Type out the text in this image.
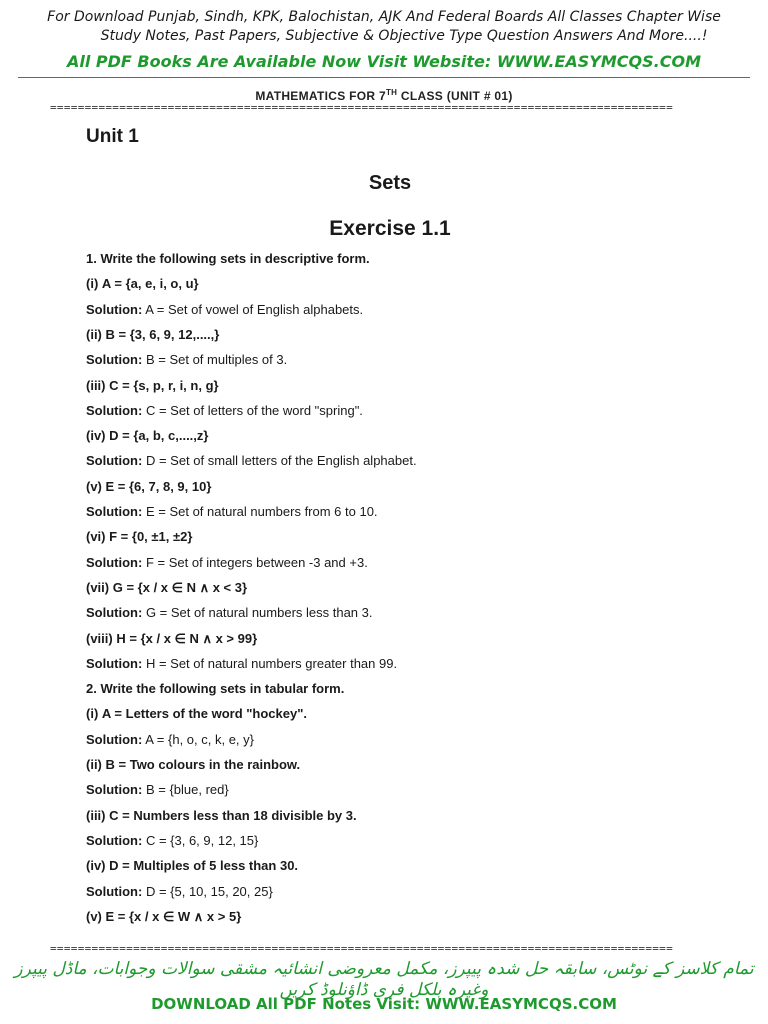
For Download Punjab, Sindh, KPK, Balochistan, AJK And Federal Boards All Classes Chapter Wise
Study Notes, Past Papers, Subjective & Objective Type Question Answers And More....!
All PDF Books Are Available Now Visit Website: WWW.EASYMCQS.COM
MATHEMATICS FOR 7TH CLASS (UNIT # 01)
==========================================================================================
Unit 1
Sets
Exercise 1.1
1. Write the following sets in descriptive form.
(i) A = {a, e, i, o, u}
Solution: A = Set of vowel of English alphabets.
(ii) B = {3, 6, 9, 12,....,}
Solution: B = Set of multiples of 3.
(iii) C = {s, p, r, i, n, g}
Solution: C = Set of letters of the word "spring".
(iv) D = {a, b, c,....,z}
Solution: D = Set of small letters of the English alphabet.
(v) E = {6, 7, 8, 9, 10}
Solution: E = Set of natural numbers from 6 to 10.
(vi) F = {0, ±1, ±2}
Solution: F = Set of integers between -3 and +3.
(vii) G = {x / x ∈ N ∧ x < 3}
Solution: G = Set of natural numbers less than 3.
(viii) H = {x / x ∈ N ∧ x > 99}
Solution: H = Set of natural numbers greater than 99.
2. Write the following sets in tabular form.
(i) A = Letters of the word "hockey".
Solution: A = {h, o, c, k, e, y}
(ii) B = Two colours in the rainbow.
Solution: B = {blue, red}
(iii) C = Numbers less than 18 divisible by 3.
Solution: C = {3, 6, 9, 12, 15}
(iv) D = Multiples of 5 less than 30.
Solution: D = {5, 10, 15, 20, 25}
(v) E = {x / x ∈ W ∧ x > 5}
==========================================================================================
تمام کلاسز کے نوٹس، سابقہ حل شدہ پیپرز، مکمل معروضی انشائیہ مشقی سوالات وجوابات، ماڈل پیپرز وغیرہ بلکل فری ڈاؤنلوڈ کریں
DOWNLOAD All PDF Notes Visit: WWW.EASYMCQS.COM
